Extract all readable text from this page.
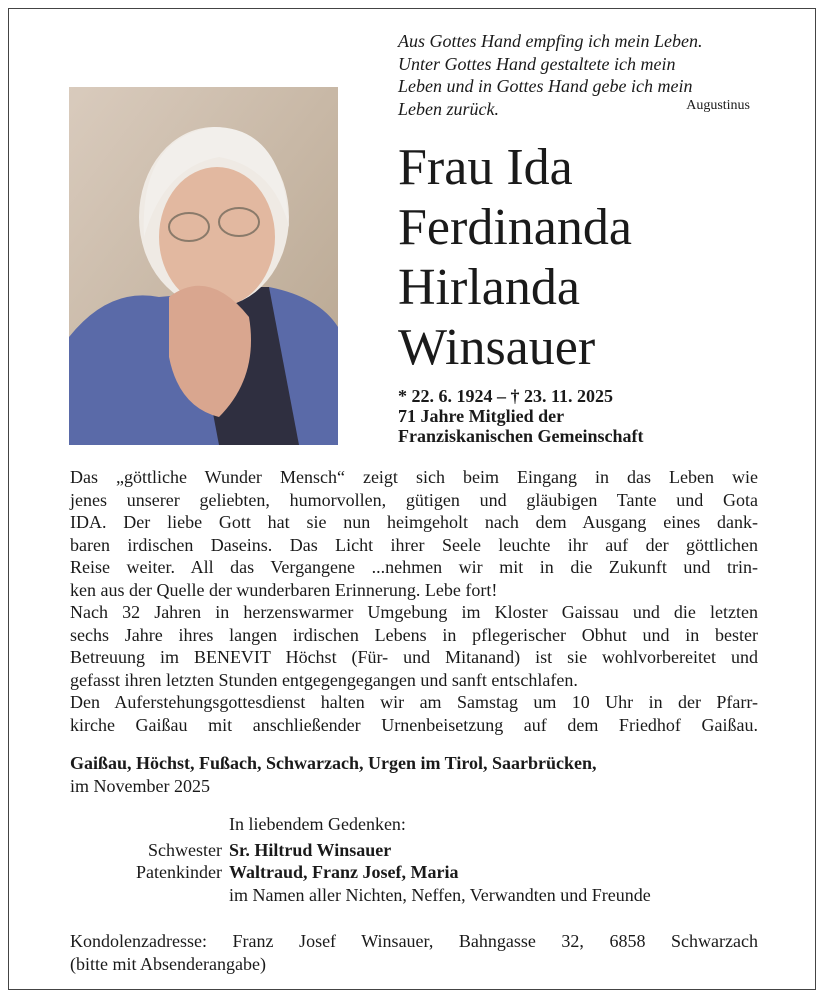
Aus Gottes Hand empfing ich mein Leben.
Unter Gottes Hand gestaltete ich mein
Leben und in Gottes Hand gebe ich mein
Leben zurück.	Augustinus
Frau Ida
Ferdinanda
Hirlanda
Winsauer
* 22. 6. 1924 – † 23. 11. 2025
71 Jahre Mitglied der
Franziskanischen Gemeinschaft
Das „göttliche Wunder Mensch“ zeigt sich beim Eingang in das Leben wie
jenes unserer geliebten, humorvollen, gütigen und gläubigen Tante und Gota
IDA. Der liebe Gott hat sie nun heimgeholt nach dem Ausgang eines dank-
baren irdischen Daseins. Das Licht ihrer Seele leuchte ihr auf der göttlichen
Reise weiter. All das Vergangene ...nehmen wir mit in die Zukunft und trin-
ken aus der Quelle der wunderbaren Erinnerung. Lebe fort!
Nach 32 Jahren in herzenswarmer Umgebung im Kloster Gaissau und die letzten
sechs Jahre ihres langen irdischen Lebens in pflegerischer Obhut und in bester
Betreuung im BENEVIT Höchst (Für- und Mitanand) ist sie wohlvorbereitet und
gefasst ihren letzten Stunden entgegengegangen und sanft entschlafen.
Den Auferstehungsgottesdienst halten wir am Samstag um 10 Uhr in der Pfarr-
kirche Gaißau mit anschließender Urnenbeisetzung auf dem Friedhof Gaißau.
Gaißau, Höchst, Fußach, Schwarzach, Urgen im Tirol, Saarbrücken,
im November 2025
In liebendem Gedenken:
Schwester Sr. Hiltrud Winsauer
Patenkinder Waltraud, Franz Josef, Maria
im Namen aller Nichten, Neffen, Verwandten und Freunde
Kondolenzadresse: Franz Josef Winsauer, Bahngasse 32, 6858 Schwarzach
(bitte mit Absenderangabe)
